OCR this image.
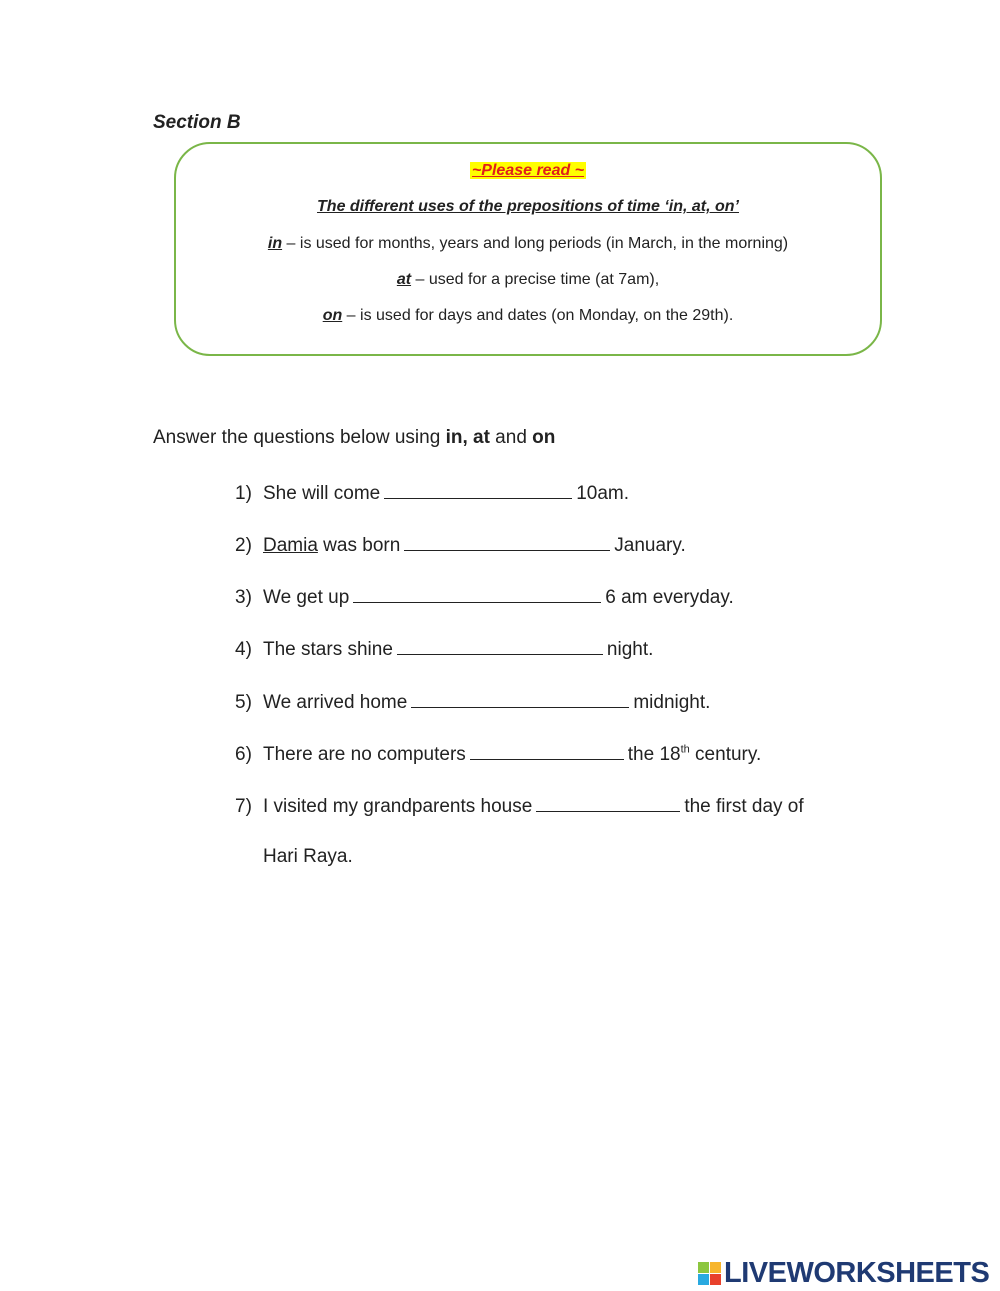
Section B
~Please read ~
The different uses of the prepositions of time ‘in, at, on’
in – is used for months, years and long periods (in March, in the morning)
at – used for a precise time (at 7am),
on – is used for days and dates (on Monday, on the 29th).
Answer the questions below using in, at and on
1) She will come	10am.
2) Damia was born	January.
3) We get up	6 am everyday.
4) The stars shine	night.
5) We arrived home	midnight.
6) There are no computers	the 18th century.
7) I visited my grandparents house	the first day of
Hari Raya.
LIVEWORKSHEETS
